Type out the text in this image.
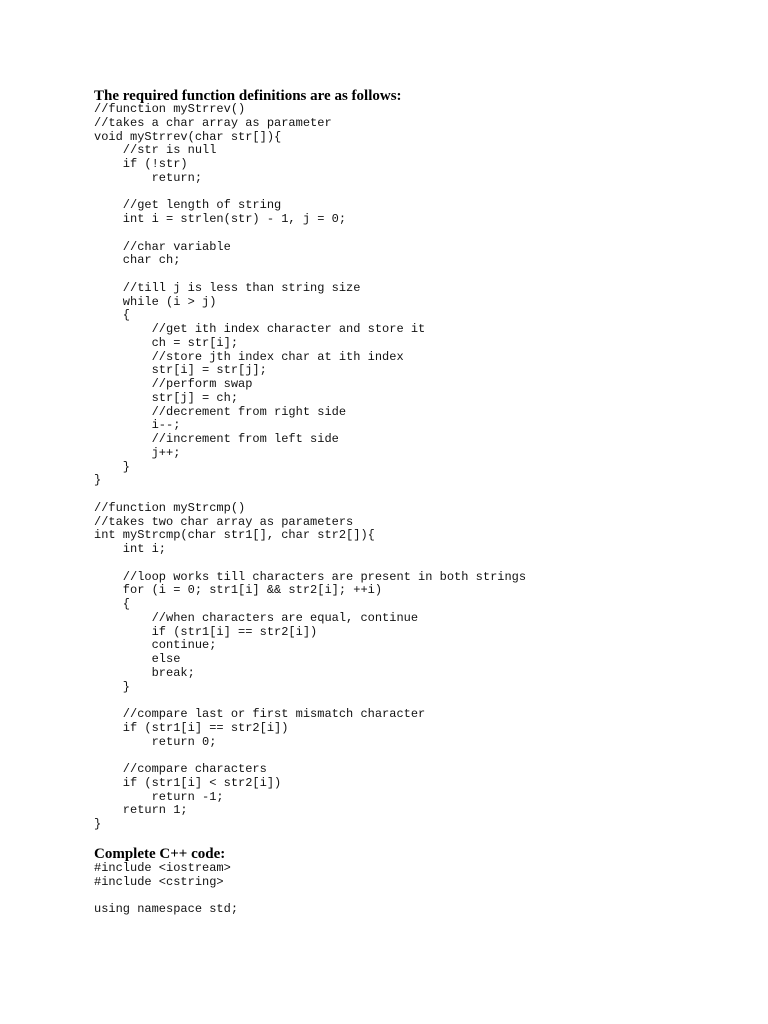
The required function definitions are as follows:
//function myStrrev()
//takes a char array as parameter
void myStrrev(char str[]){
//str is null
if (!str)
return;

//get length of string
int i = strlen(str) - 1, j = 0;

//char variable
char ch;

//till j is less than string size
while (i > j)
{
//get ith index character and store it
ch = str[i];
//store jth index char at ith index
str[i] = str[j];
//perform swap
str[j] = ch;
//decrement from right side
i--;
//increment from left side
j++;
}
}

//function myStrcmp()
//takes two char array as parameters
int myStrcmp(char str1[], char str2[]){
int i;

//loop works till characters are present in both strings
for (i = 0; str1[i] && str2[i]; ++i)
{
//when characters are equal, continue
if (str1[i] == str2[i])
continue;
else
break;
}

//compare last or first mismatch character
if (str1[i] == str2[i])
return 0;

//compare characters
if (str1[i] < str2[i])
return -1;
return 1;
}
Complete C++ code:
#include <iostream>
#include <cstring>

using namespace std;
